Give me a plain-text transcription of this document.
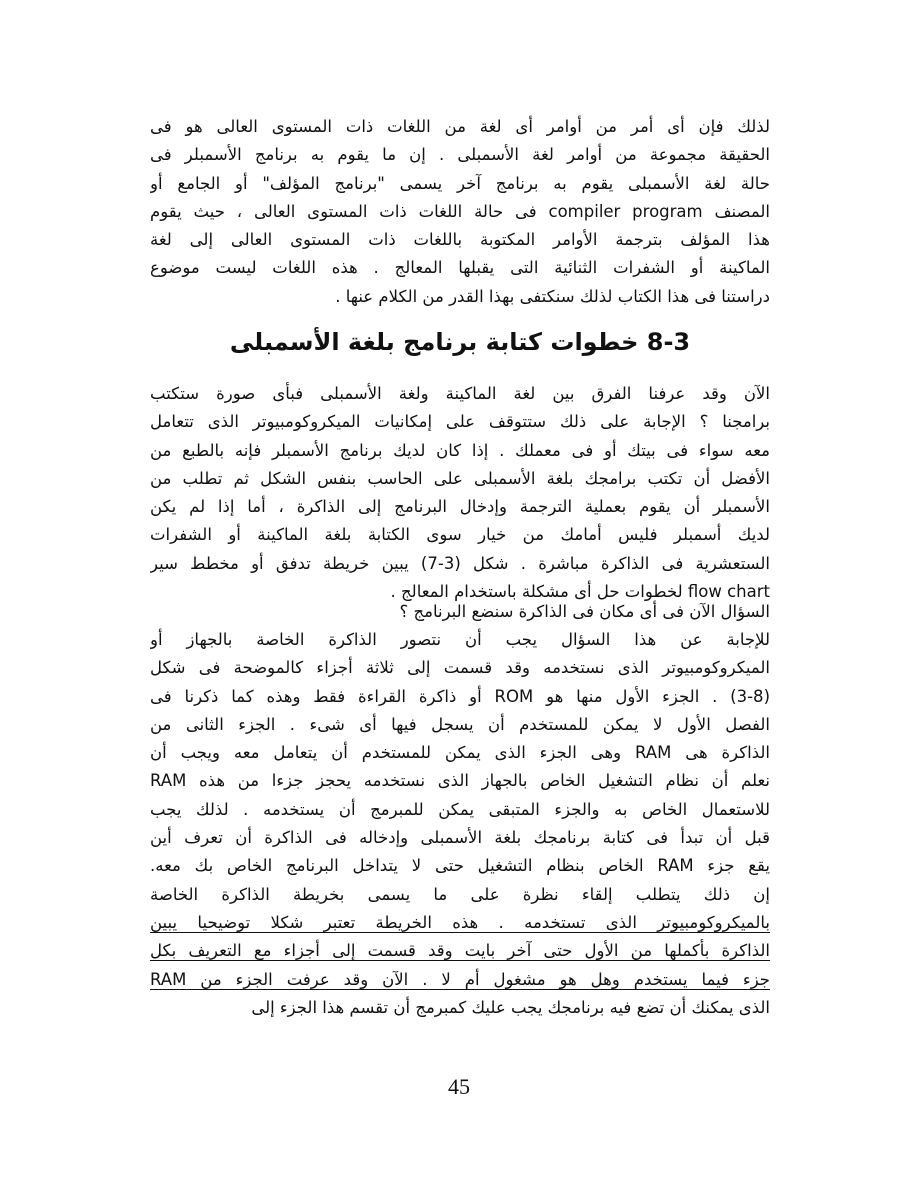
لذلك فإن أى أمر من أوامر أى لغة من اللغات ذات المستوى العالى هو فى
الحقيقة مجموعة من أوامر لغة الأسمبلى . إن ما يقوم به برنامج الأسمبلر فى
حالة لغة الأسمبلى يقوم به برنامج آخر يسمى "برنامج المؤلف" أو الجامع أو
المصنف compiler program فى حالة اللغات ذات المستوى العالى ، حيث يقوم
هذا المؤلف بترجمة الأوامر المكتوبة باللغات ذات المستوى العالى إلى لغة
الماكينة أو الشفرات الثنائية التى يقبلها المعالج . هذه اللغات ليست موضوع
دراستنا فى هذا الكتاب لذلك سنكتفى بهذا القدر من الكلام عنها .
8-3 خطوات كتابة برنامج بلغة الأسمبلى
الآن وقد عرفنا الفرق بين لغة الماكينة ولغة الأسمبلى فبأى صورة ستكتب
برامجنا ؟ الإجابة على ذلك ستتوقف على إمكانيات الميكروكومبيوتر الذى تتعامل
معه سواء فى بيتك أو فى معملك . إذا كان لديك برنامج الأسمبلر فإنه بالطبع من
الأفضل أن تكتب برامجك بلغة الأسمبلى على الحاسب بنفس الشكل ثم تطلب من
الأسمبلر أن يقوم بعملية الترجمة وإدخال البرنامج إلى الذاكرة ، أما إذا لم يكن
لديك أسمبلر فليس أمامك من خيار سوى الكتابة بلغة الماكينة أو الشفرات
الستعشرية فى الذاكرة مباشرة . شكل (3-7) يبين خريطة تدفق أو مخطط سير
flow chart لخطوات حل أى مشكلة باستخدام المعالج .
السؤال الآن فى أى مكان فى الذاكرة سنضع البرنامج ؟
للإجابة عن هذا السؤال يجب أن نتصور الذاكرة الخاصة بالجهاز أو
الميكروكومبيوتر الذى نستخدمه وقد قسمت إلى ثلاثة أجزاء كالموضحة فى شكل
(3-8) . الجزء الأول منها هو ROM أو ذاكرة القراءة فقط وهذه كما ذكرنا فى
الفصل الأول لا يمكن للمستخدم أن يسجل فيها أى شىء . الجزء الثانى من
الذاكرة هى RAM وهى الجزء الذى يمكن للمستخدم أن يتعامل معه ويجب أن
نعلم أن نظام التشغيل الخاص بالجهاز الذى نستخدمه يحجز جزءا من هذه RAM
للاستعمال الخاص به والجزء المتبقى يمكن للمبرمج أن يستخدمه . لذلك يجب
قبل أن تبدأ فى كتابة برنامجك بلغة الأسمبلى وإدخاله فى الذاكرة أن تعرف أين
يقع جزء RAM الخاص بنظام التشغيل حتى لا يتداخل البرنامج الخاص بك معه.
إن ذلك يتطلب إلقاء نظرة على ما يسمى بخريطة الذاكرة الخاصة
بالميكروكومبيوتر الذى تستخدمه . هذه الخريطة تعتبر شكلا توضيحيا يبين
الذاكرة بأكملها من الأول حتى آخر بايت وقد قسمت إلى أجزاء مع التعريف بكل
جزء فيما يستخدم وهل هو مشغول أم لا . الآن وقد عرفت الجزء من RAM
الذى يمكنك أن تضع فيه برنامجك يجب عليك كمبرمج أن تقسم هذا الجزء إلى
45
